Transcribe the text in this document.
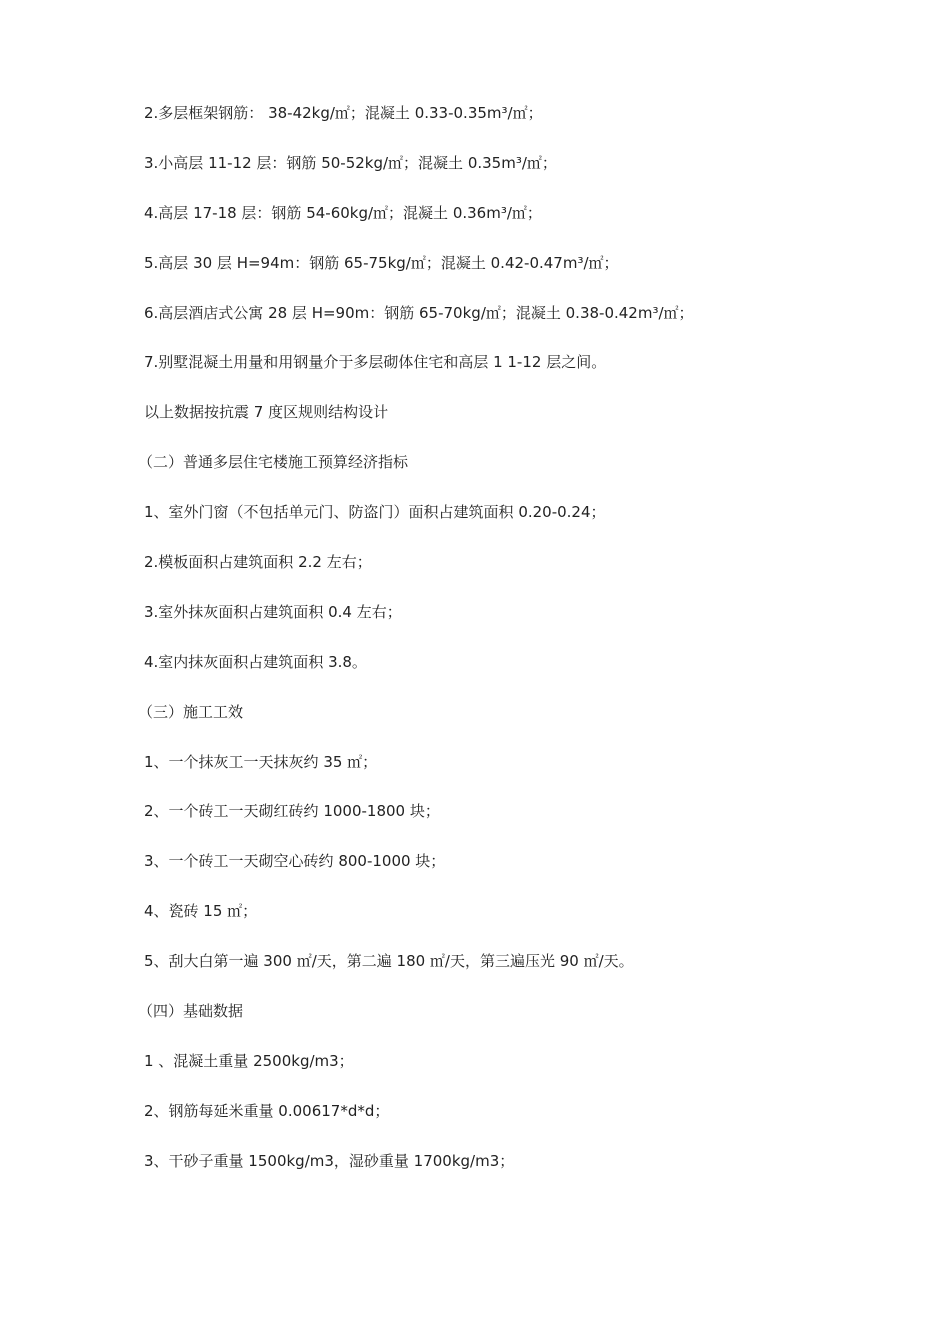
2.多层框架钢筋： 38-42kg/㎡；混凝土 0.33-0.35m³/㎡；
3.小高层 11-12 层：钢筋 50-52kg/㎡；混凝土 0.35m³/㎡；
4.高层 17-18 层：钢筋 54-60kg/㎡；混凝土 0.36m³/㎡；
5.高层 30 层 H=94m：钢筋 65-75kg/㎡；混凝土 0.42-0.47m³/㎡；
6.高层酒店式公寓 28 层 H=90m：钢筋 65-70kg/㎡；混凝土 0.38-0.42m³/㎡；
7.别墅混凝土用量和用钢量介于多层砌体住宅和高层 1 1-12 层之间。
以上数据按抗震 7 度区规则结构设计
（二）普通多层住宅楼施工预算经济指标
1、室外门窗（不包括单元门、防盗门）面积占建筑面积 0.20-0.24；
2.模板面积占建筑面积 2.2 左右；
3.室外抹灰面积占建筑面积 0.4 左右；
4.室内抹灰面积占建筑面积 3.8。
（三）施工工效
1、一个抹灰工一天抹灰约 35 ㎡；
2、一个砖工一天砌红砖约 1000-1800 块；
3、一个砖工一天砌空心砖约 800-1000 块；
4、瓷砖 15 ㎡；
5、刮大白第一遍 300 ㎡/天，第二遍 180 ㎡/天，第三遍压光 90 ㎡/天。
（四）基础数据
1 、混凝土重量 2500kg/m3；
2、钢筋每延米重量 0.00617*d*d；
3、干砂子重量 1500kg/m3，湿砂重量 1700kg/m3；
